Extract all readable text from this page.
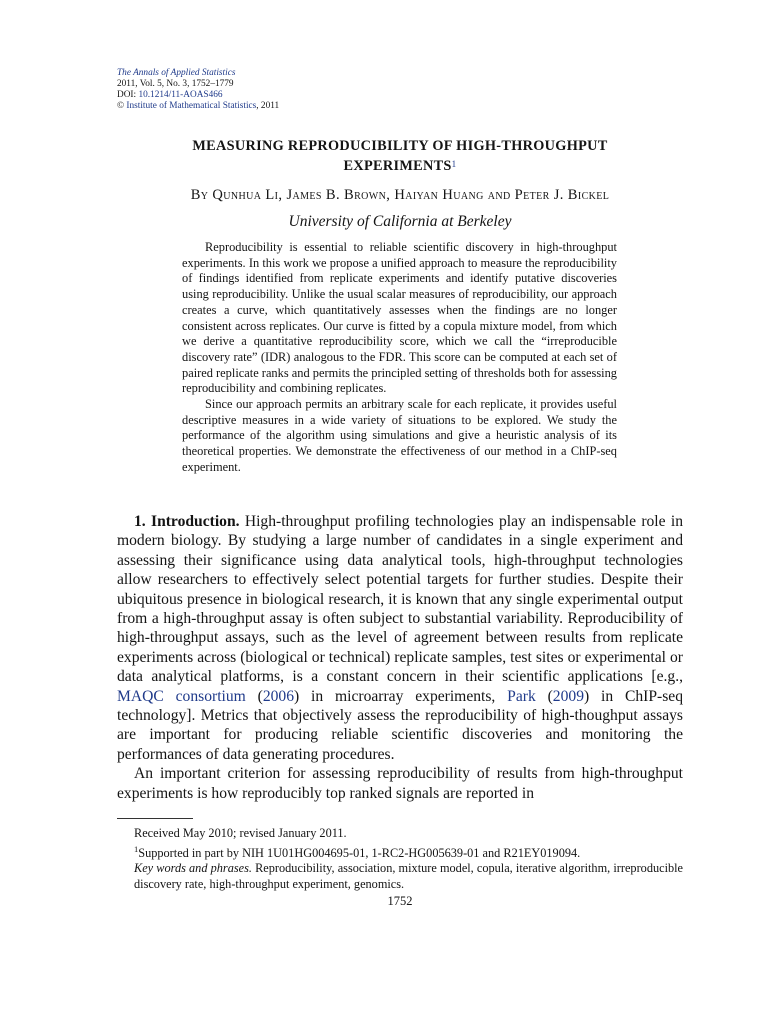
The Annals of Applied Statistics
2011, Vol. 5, No. 3, 1752–1779
DOI: 10.1214/11-AOAS466
© Institute of Mathematical Statistics, 2011
MEASURING REPRODUCIBILITY OF HIGH-THROUGHPUT
EXPERIMENTS$^1$
By Qunhua Li, James B. Brown, Haiyan Huang and Peter J. Bickel
University of California at Berkeley

Reproducibility is essential to reliable scientific discovery in high-throughput experiments. In this work we propose a unified approach to measure the reproducibility of findings identified from replicate experiments and identify putative discoveries using reproducibility. Unlike the usual scalar measures of reproducibility, our approach creates a curve, which quantitatively assesses when the findings are no longer consistent across replicates. Our curve is fitted by a copula mixture model, from which we derive a quantitative reproducibility score, which we call the “irreproducible discovery rate” (IDR) analogous to the FDR. This score can be computed at each set of paired replicate ranks and permits the principled setting of thresholds both for assessing reproducibility and combining replicates.

Since our approach permits an arbitrary scale for each replicate, it provides useful descriptive measures in a wide variety of situations to be explored. We study the performance of the algorithm using simulations and give a heuristic analysis of its theoretical properties. We demonstrate the effectiveness of our method in a ChIP-seq experiment.

1. Introduction. High-throughput profiling technologies play an indispensable role in modern biology. By studying a large number of candidates in a single experiment and assessing their significance using data analytical tools, high-throughput technologies allow researchers to effectively select potential targets for further studies. Despite their ubiquitous presence in biological research, it is known that any single experimental output from a high-throughput assay is often subject to substantial variability. Reproducibility of high-throughput assays, such as the level of agreement between results from replicate experiments across (biological or technical) replicate samples, test sites or experimental or data analytical platforms, is a constant concern in their scientific applications [e.g., MAQC consortium (2006) in microarray experiments, Park (2009) in ChIP-seq technology]. Metrics that objectively assess the reproducibility of high-thoughput assays are important for producing reliable scientific discoveries and monitoring the performances of data generating procedures.

An important criterion for assessing reproducibility of results from high-throughput experiments is how reproducibly top ranked signals are reported in

Received May 2010; revised January 2011.
$^1$Supported in part by NIH 1U01HG004695-01, 1-RC2-HG005639-01 and R21EY019094.
Key words and phrases. Reproducibility, association, mixture model, copula, iterative algorithm, irreproducible discovery rate, high-throughput experiment, genomics.
1752
